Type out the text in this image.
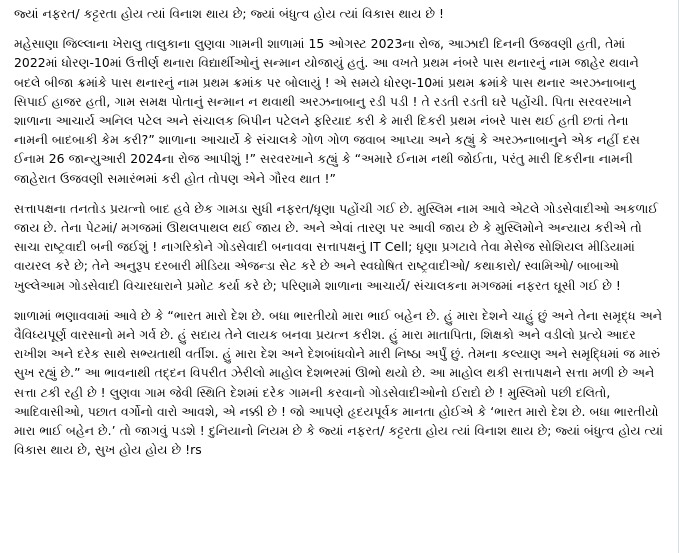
જ્યાં નફરત/ કટ્ટરતા હોય ત્યાં વિનાશ થાય છે; જ્યાં બંધુત્વ હોય ત્યાં વિકાસ થાય છે !

મહેસાણા જિલ્લાના ખેરાલુ તાલુકાના લુણવા ગામની શાળામાં 15 ઓગસ્ટ 2023ના રોજ, આઝાદી દિનની ઉજવણી હતી, તેમાં 2022માં ધોરણ-10માં ઉત્તીર્ણ થનારા વિદ્યાર્થીઓનું સન્માન યોજાયું હતું. આ વખતે પ્રથમ નંબરે પાસ થનારનું નામ જાહેર થવાને બદલે બીજા ક્રમાંકે પાસ થનારનું નામ પ્રથમ ક્રમાંક પર બોલાયું ! એ સમયે ધોરણ-10માં પ્રથમ ક્રમાંકે પાસ થનાર અરઝનાબાનુ સિપાઈ હાજર હતી, ગામ સમક્ષ પોતાનું સન્માન ન થવાથી અરઝનાબાનુ રડી પડી ! તે રડતી રડતી ઘરે પહોંચી. પિતા સરવરખાને શાળાના આચાર્ય અનિલ પટેલ અને સંચાલક બિપીન પટેલને ફરિયાદ કરી કે મારી દિકરી પ્રથમ નંબરે પાસ થઈ હતી છતાં તેના નામની બાદબાકી કેમ કરી?” શાળાના આચાર્યે કે સંચાલકે ગોળ ગોળ જવાબ આપ્યા અને કહ્યું કે અરઝનાબાનુને એક નહીં દસ ઈનામ 26 જાન્યુઆરી 2024ના રોજ આપીશું !” સરવરખાને કહ્યું કે “અમારે ઈનામ નથી જોઈતા, પરંતુ મારી દિકરીના નામની જાહેરાત ઉજવણી સમારંભમાં કરી હોત તોપણ એને ગૌરવ થાત !”

સત્તાપક્ષના તનતોડ પ્રયત્નો બાદ હવે છેક ગામડા સુધી નફરત/ધૃણા પહોંચી ગઈ છે. મુસ્લિમ નામ આવે એટલે ગોડસેવાદીઓ અકળાઈ જાય છે. તેના પેટમાં/ મગજમાં ઊથલપાથલ થઈ જાય છે. અને એવાં તારણ પર આવી જાય છે કે મુસ્લિમોને અન્યાય કરીએ તો સાચા રાષ્ટ્રવાદી બની જઈશું ! નાગરિકોને ગોડસેવાદી બનાવવા સત્તાપક્ષનું IT Cell; ધૃણા પ્રગટાવે તેવા મેસેજ સોશિયલ મીડિયામાં વાયરલ કરે છે; તેને અનુરૂપ દરબારી મીડિયા એજન્ડા સેટ કરે છે અને સ્વઘોષિત રાષ્ટ્રવાદીઓ/ કથાકારો/ સ્વામિઓ/ બાબાઓ ખુલ્લેઆમ ગોડસેવાદી વિચારધારાને પ્રમોટ કર્યા કરે છે; પરિણામે શાળાના આચાર્ય/ સંચાલકના મગજમાં નફરત ઘૂસી ગઈ છે !

શાળામાં ભણાવવામાં આવે છે કે “ભારત મારો દેશ છે. બધા ભારતીયો મારા ભાઈ બહેન છે. હું મારા દેશને ચાહું છું અને તેના સમૃદ્ધ અને વૈવિધ્યપૂર્ણ વારસાનો મને ગર્વ છે. હું સદાય તેને લાયક બનવા પ્રયત્ન કરીશ. હું મારા માતાપિતા, શિક્ષકો અને વડીલો પ્રત્યે આદર રાખીશ અને દરેક સાથે સભ્યતાથી વર્તીશ. હું મારા દેશ અને દેશબાંધવોને મારી નિષ્ઠા અર્પું છું. તેમના કલ્યાણ અને સમૃદ્ધિમાં જ મારું સુખ રહ્યું છે.” આ ભાવનાથી તદ્દન વિપરીત ઝેરીલો માહોલ દેશભરમાં ઊભો થયો છે. આ માહોલ થકી સત્તાપક્ષને સત્તા મળી છે અને સત્તા ટકી રહી છે ! લુણવા ગામ જેવી સ્થિતિ દેશમાં દરેક ગામની કરવાનો ગોડસેવાદીઓનો ઈરાદો છે ! મુસ્લિમો પછી દલિતો, આદિવાસીઓ, પછાત વર્ગોનો વારો આવશે, એ નક્કી છે ! જો આપણે હૃદયપૂર્વક માનતા હોઈએ કે ‘ભારત મારો દેશ છે. બધા ભારતીયો મારા ભાઈ બહેન છે.’ તો જાગવું પડશે ! દુનિયાનો નિયમ છે કે જ્યાં નફરત/ કટ્ટરતા હોય ત્યાં વિનાશ થાય છે; જ્યાં બંધુત્વ હોય ત્યાં વિકાસ થાય છે, સુખ હોય હોય છે !rs
